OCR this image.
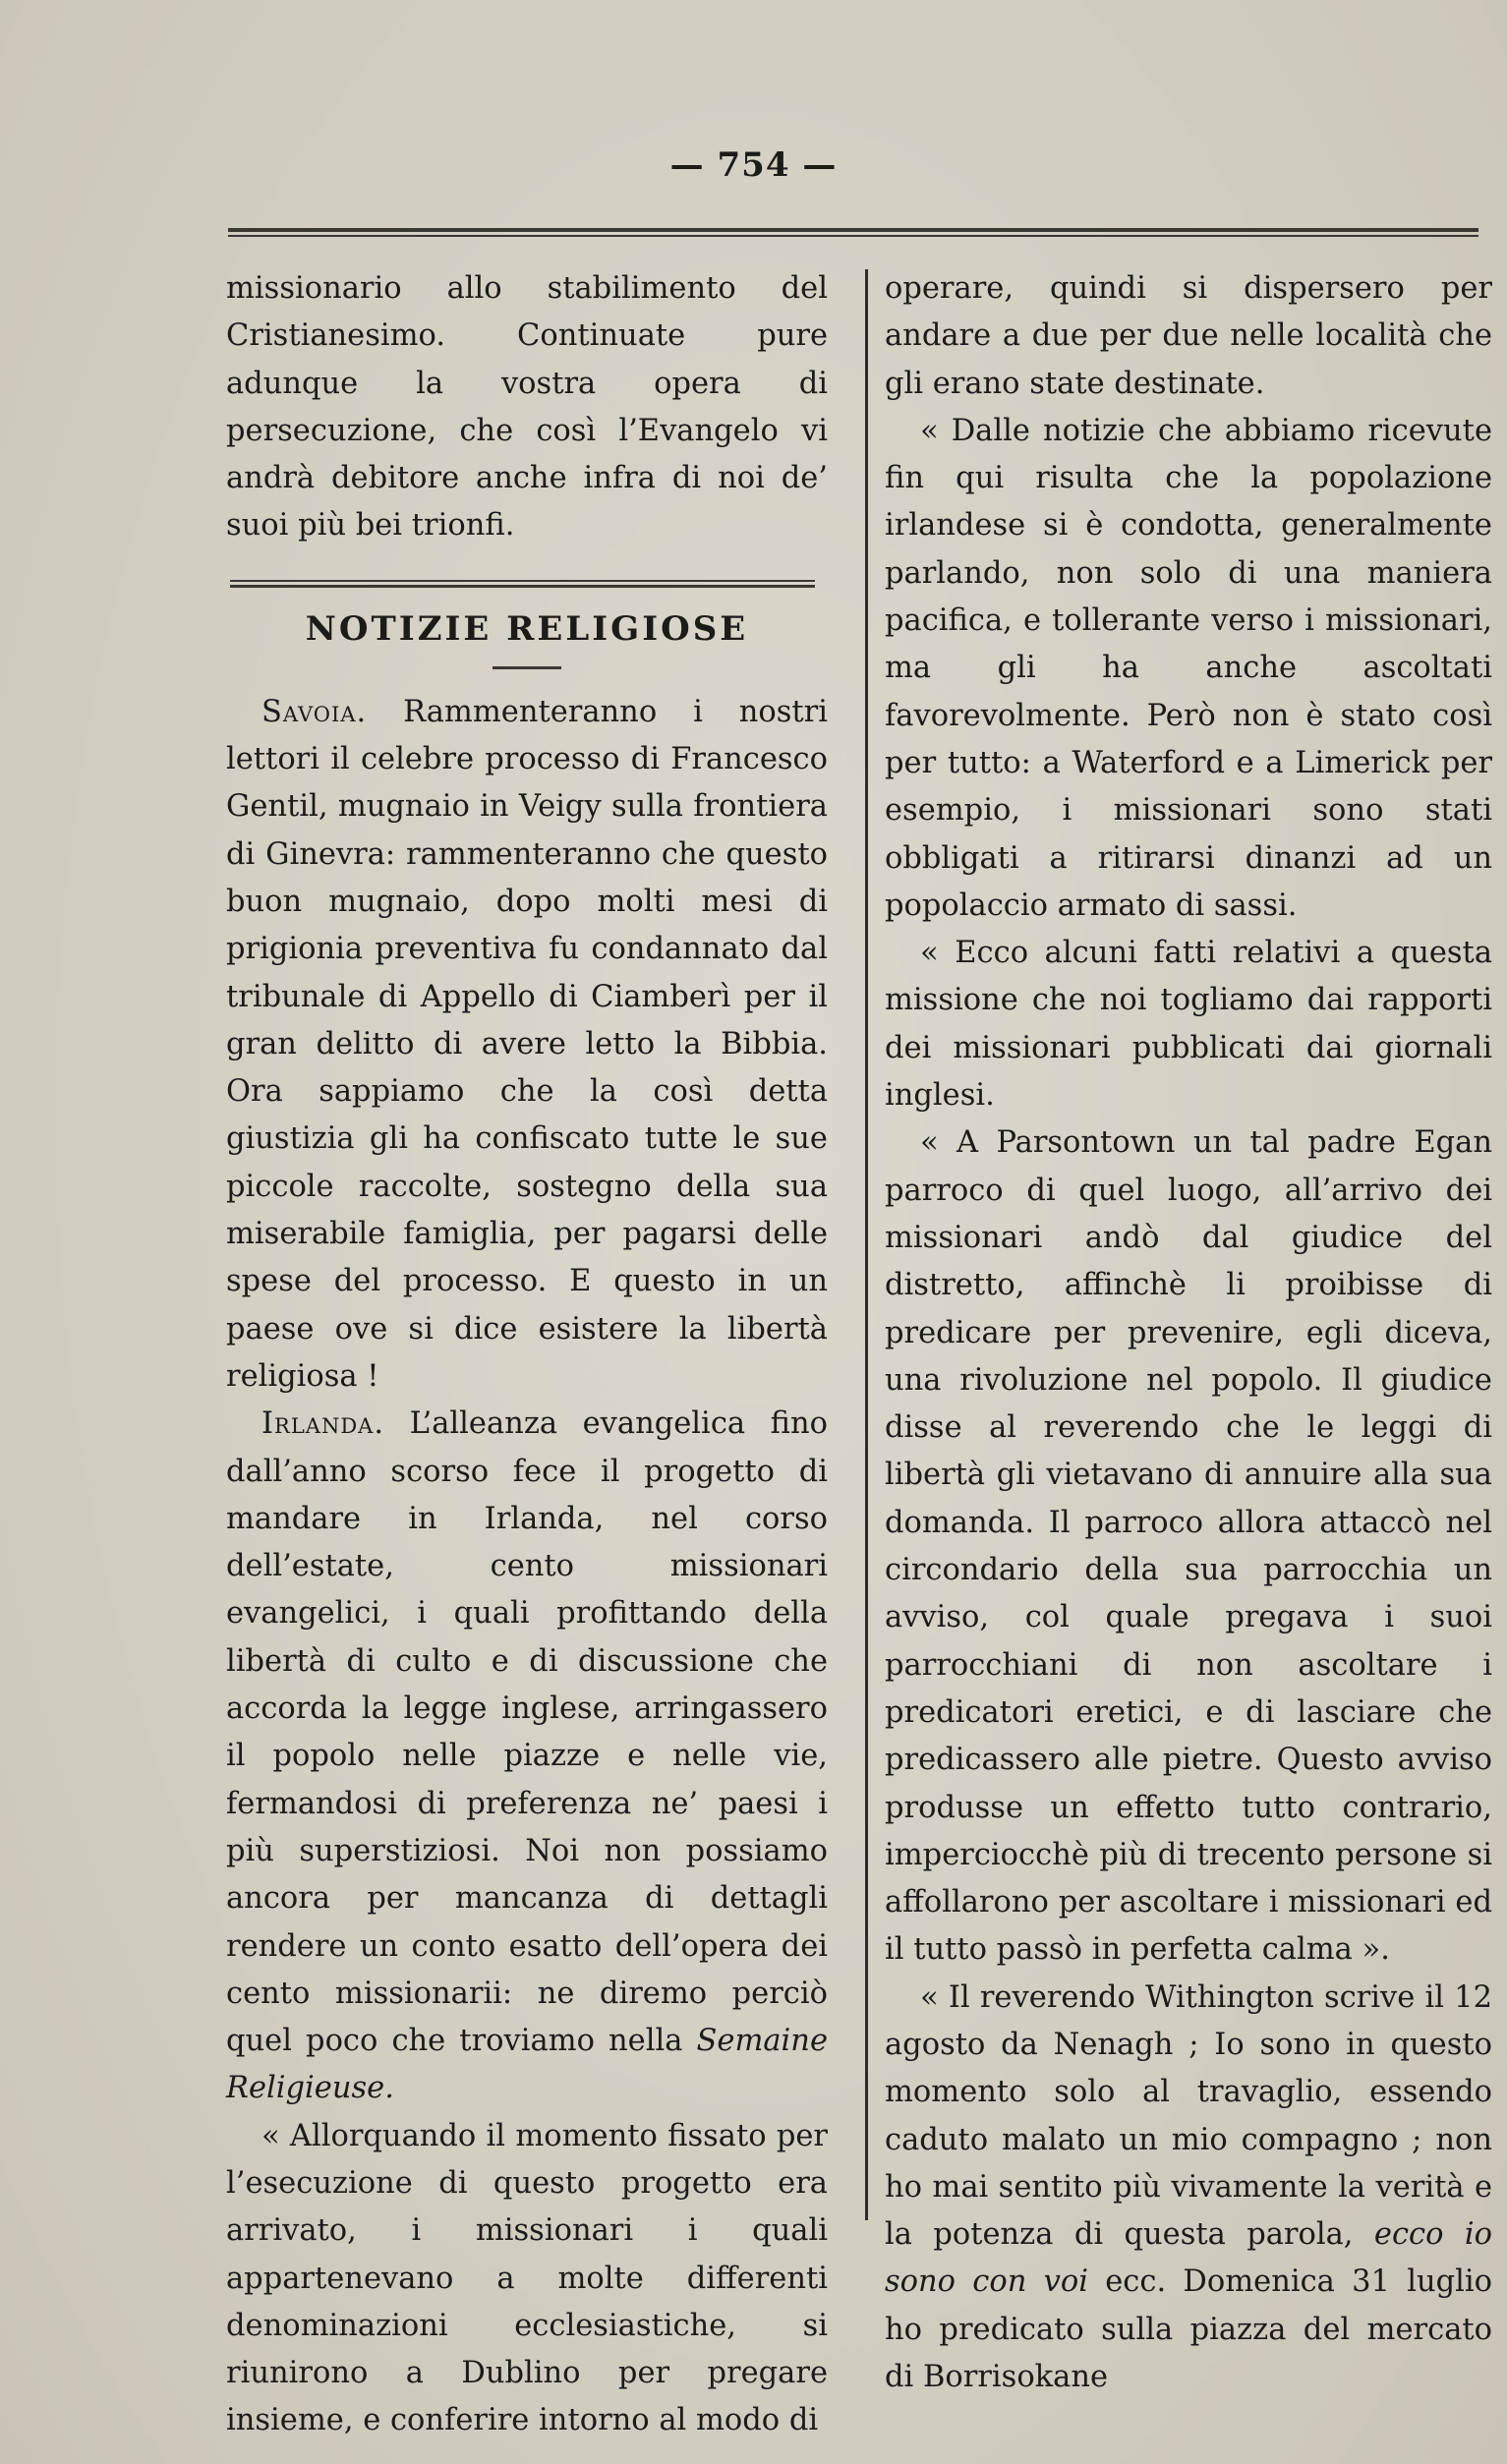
— 754 —

missionario allo stabilimento del Cristianesimo. Continuate pure adunque la vostra opera di persecuzione, che così l’Evangelo vi andrà debitore anche infra di noi de’ suoi più bei trionfi.

NOTIZIE RELIGIOSE

Savoia. Rammenteranno i nostri lettori il celebre processo di Francesco Gentil, mugnaio in Veigy sulla frontiera di Ginevra: rammenteranno che questo buon mugnaio, dopo molti mesi di prigionia preventiva fu condannato dal tribunale di Appello di Ciamberì per il gran delitto di avere letto la Bibbia. Ora sappiamo che la così detta giustizia gli ha confiscato tutte le sue piccole raccolte, sostegno della sua miserabile famiglia, per pagarsi delle spese del processo. E questo in un paese ove si dice esistere la libertà religiosa !

Irlanda. L’alleanza evangelica fino dall’anno scorso fece il progetto di mandare in Irlanda, nel corso dell’estate, cento missionari evangelici, i quali profittando della libertà di culto e di discussione che accorda la legge inglese, arringassero il popolo nelle piazze e nelle vie, fermandosi di preferenza ne’ paesi i più superstiziosi. Noi non possiamo ancora per mancanza di dettagli rendere un conto esatto dell’opera dei cento missionarii: ne diremo perciò quel poco che troviamo nella Semaine Religieuse.

« Allorquando il momento fissato per l’esecuzione di questo progetto era arrivato, i missionari i quali appartenevano a molte differenti denominazioni ecclesiastiche, si riunirono a Dublino per pregare insieme, e conferire intorno al modo di

operare, quindi si dispersero per andare a due per due nelle località che gli erano state destinate.

« Dalle notizie che abbiamo ricevute fin qui risulta che la popolazione irlandese si è condotta, generalmente parlando, non solo di una maniera pacifica, e tollerante verso i missionari, ma gli ha anche ascoltati favorevolmente. Però non è stato così per tutto: a Waterford e a Limerick per esempio, i missionari sono stati obbligati a ritirarsi dinanzi ad un popolaccio armato di sassi.

« Ecco alcuni fatti relativi a questa missione che noi togliamo dai rapporti dei missionari pubblicati dai giornali inglesi.

« A Parsontown un tal padre Egan parroco di quel luogo, all’arrivo dei missionari andò dal giudice del distretto, affinchè li proibisse di predicare per prevenire, egli diceva, una rivoluzione nel popolo. Il giudice disse al reverendo che le leggi di libertà gli vietavano di annuire alla sua domanda. Il parroco allora attaccò nel circondario della sua parrocchia un avviso, col quale pregava i suoi parrocchiani di non ascoltare i predicatori eretici, e di lasciare che predicassero alle pietre. Questo avviso produsse un effetto tutto contrario, imperciocchè più di trecento persone si affollarono per ascoltare i missionari ed il tutto passò in perfetta calma ».

« Il reverendo Withington scrive il 12 agosto da Nenagh ; Io sono in questo momento solo al travaglio, essendo caduto malato un mio compagno ; non ho mai sentito più vivamente la verità e la potenza di questa parola, ecco io sono con voi ecc. Domenica 31 luglio ho predicato sulla piazza del mercato di Borrisokane
